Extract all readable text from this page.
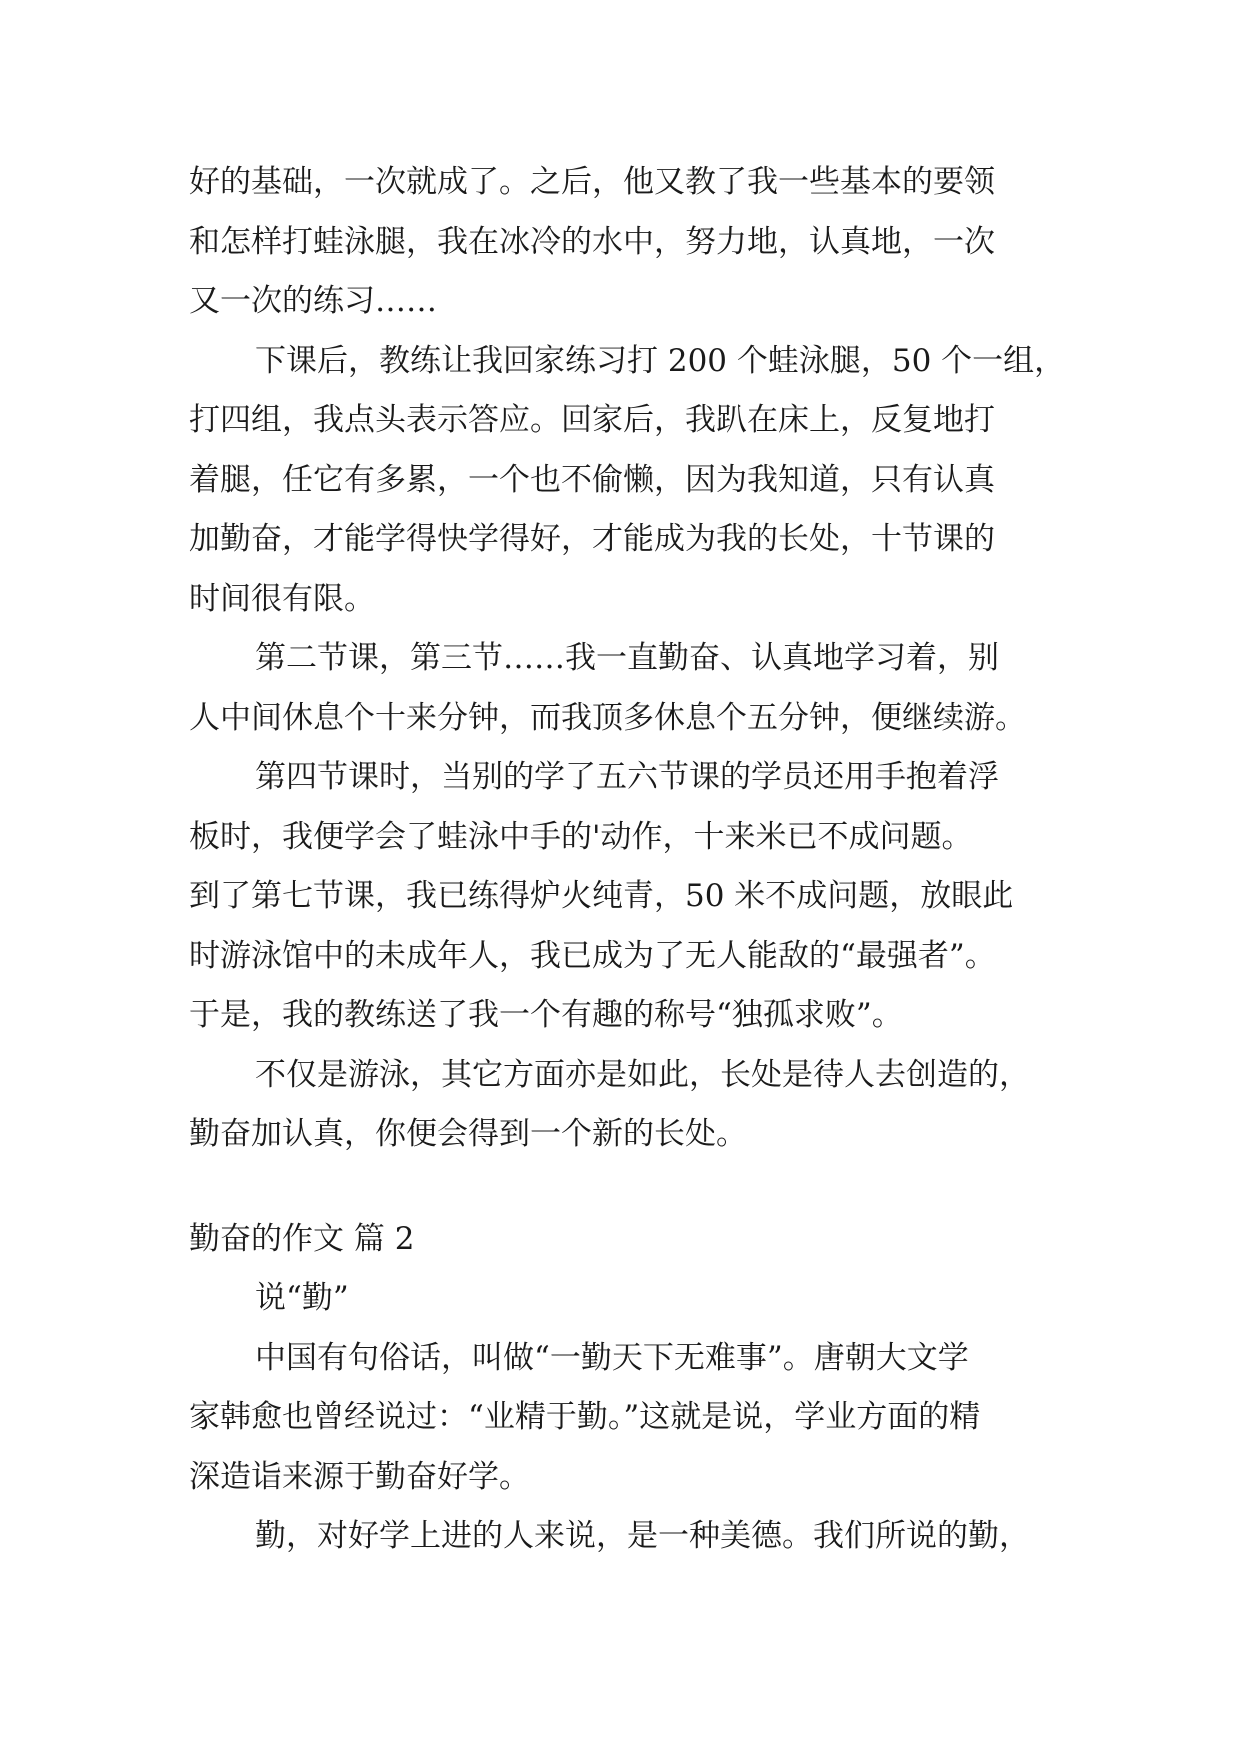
好的基础，一次就成了。之后，他又教了我一些基本的要领
和怎样打蛙泳腿，我在冰冷的水中，努力地，认真地，一次
又一次的练习……
下课后，教练让我回家练习打 200 个蛙泳腿，50 个一组，
打四组，我点头表示答应。回家后，我趴在床上，反复地打
着腿，任它有多累，一个也不偷懒，因为我知道，只有认真
加勤奋，才能学得快学得好，才能成为我的长处，十节课的
时间很有限。
第二节课，第三节……我一直勤奋、认真地学习着，别
人中间休息个十来分钟，而我顶多休息个五分钟，便继续游。
第四节课时，当别的学了五六节课的学员还用手抱着浮
板时，我便学会了蛙泳中手的'动作，十来米已不成问题。
到了第七节课，我已练得炉火纯青，50 米不成问题，放眼此
时游泳馆中的未成年人，我已成为了无人能敌的“最强者”。
于是，我的教练送了我一个有趣的称号“独孤求败”。
不仅是游泳，其它方面亦是如此，长处是待人去创造的，
勤奋加认真，你便会得到一个新的长处。
勤奋的作文 篇 2
说“勤”
中国有句俗话，叫做“一勤天下无难事”。唐朝大文学
家韩愈也曾经说过：“业精于勤。”这就是说，学业方面的精
深造诣来源于勤奋好学。
勤，对好学上进的人来说，是一种美德。我们所说的勤，
